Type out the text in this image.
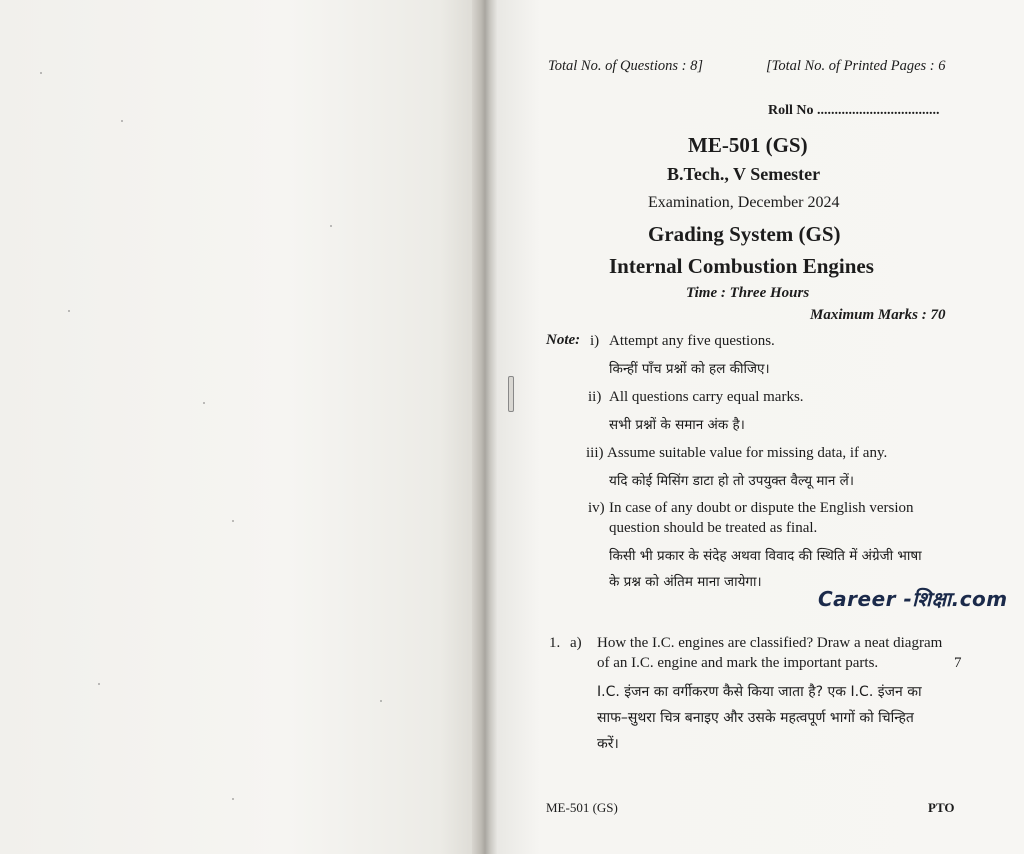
Total No. of Questions : 8]	[Total No. of Printed Pages : 6
Roll No ...................................
ME-501 (GS)
B.Tech., V Semester
Examination, December 2024
Grading System (GS)
Internal Combustion Engines
Time : Three Hours
Maximum Marks : 70
Note: i) Attempt any five questions.
किन्हीं पाँच प्रश्नों को हल कीजिए।
ii) All questions carry equal marks.
सभी प्रश्नों के समान अंक है।
iii) Assume suitable value for missing data, if any.
यदि कोई मिसिंग डाटा हो तो उपयुक्त वैल्यू मान लें।
iv) In case of any doubt or dispute the English version
question should be treated as final.
किसी भी प्रकार के संदेह अथवा विवाद की स्थिति में अंग्रेजी भाषा
के प्रश्न को अंतिम माना जायेगा।
Career -शिक्षा.com
1. a) How the I.C. engines are classified? Draw a neat diagram
of an I.C. engine and mark the important parts.	7
I.C. इंजन का वर्गीकरण कैसे किया जाता है? एक I.C. इंजन का
साफ–सुथरा चित्र बनाइए और उसके महत्वपूर्ण भागों को चिन्हित
करें।
ME-501 (GS)	PTO
